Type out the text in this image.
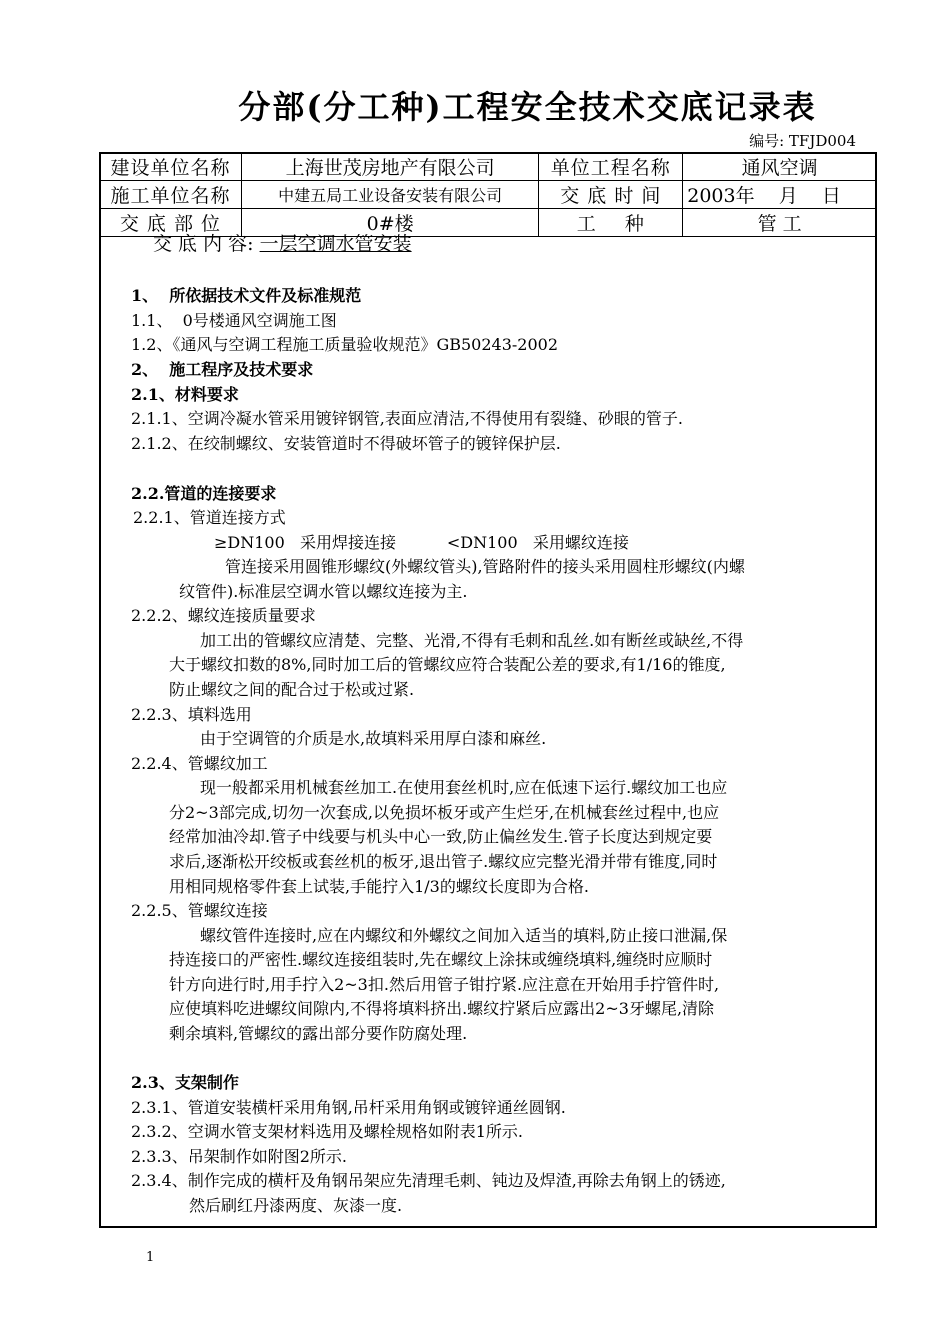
分部(分工种)工程安全技术交底记录表
编号: TFJD004
建设单位名称	上海世茂房地产有限公司	单位工程名称	通风空调
施工单位名称	中建五局工业设备安装有限公司	交 底 时 间	2003年    月    日
交 底 部 位	0#楼	工    种	管 工
交 底 内 容: 一层空调水管安装
1、  所依据技术文件及标准规范
1.1、  0号楼通风空调施工图
1.2、《通风与空调工程施工质量验收规范》GB50243-2002
2、  施工程序及技术要求
2.1、材料要求
2.1.1、空调冷凝水管采用镀锌钢管,表面应清洁,不得使用有裂缝、砂眼的管子.
2.1.2、在绞制螺纹、安装管道时不得破坏管子的镀锌保护层.
2.2.管道的连接要求
2.2.1、管道连接方式
≥DN100   采用焊接连接          <DN100   采用螺纹连接
管连接采用圆锥形螺纹(外螺纹管头),管路附件的接头采用圆柱形螺纹(内螺
纹管件).标准层空调水管以螺纹连接为主.
2.2.2、螺纹连接质量要求
加工出的管螺纹应清楚、完整、光滑,不得有毛刺和乱丝.如有断丝或缺丝,不得
大于螺纹扣数的8%,同时加工后的管螺纹应符合装配公差的要求,有1/16的锥度,
防止螺纹之间的配合过于松或过紧.
2.2.3、填料选用
由于空调管的介质是水,故填料采用厚白漆和麻丝.
2.2.4、管螺纹加工
现一般都采用机械套丝加工.在使用套丝机时,应在低速下运行.螺纹加工也应
分2~3部完成,切勿一次套成,以免损坏板牙或产生烂牙,在机械套丝过程中,也应
经常加油冷却.管子中线要与机头中心一致,防止偏丝发生.管子长度达到规定要
求后,逐渐松开绞板或套丝机的板牙,退出管子.螺纹应完整光滑并带有锥度,同时
用相同规格零件套上试装,手能拧入1/3的螺纹长度即为合格.
2.2.5、管螺纹连接
螺纹管件连接时,应在内螺纹和外螺纹之间加入适当的填料,防止接口泄漏,保
持连接口的严密性.螺纹连接组装时,先在螺纹上涂抹或缠绕填料,缠绕时应顺时
针方向进行时,用手拧入2~3扣.然后用管子钳拧紧.应注意在开始用手拧管件时,
应使填料吃进螺纹间隙内,不得将填料挤出.螺纹拧紧后应露出2~3牙螺尾,清除
剩余填料,管螺纹的露出部分要作防腐处理.
2.3、支架制作
2.3.1、管道安装横杆采用角钢,吊杆采用角钢或镀锌通丝圆钢.
2.3.2、空调水管支架材料选用及螺栓规格如附表1所示.
2.3.3、吊架制作如附图2所示.
2.3.4、制作完成的横杆及角钢吊架应先清理毛刺、钝边及焊渣,再除去角钢上的锈迹,
然后刷红丹漆两度、灰漆一度.
1
